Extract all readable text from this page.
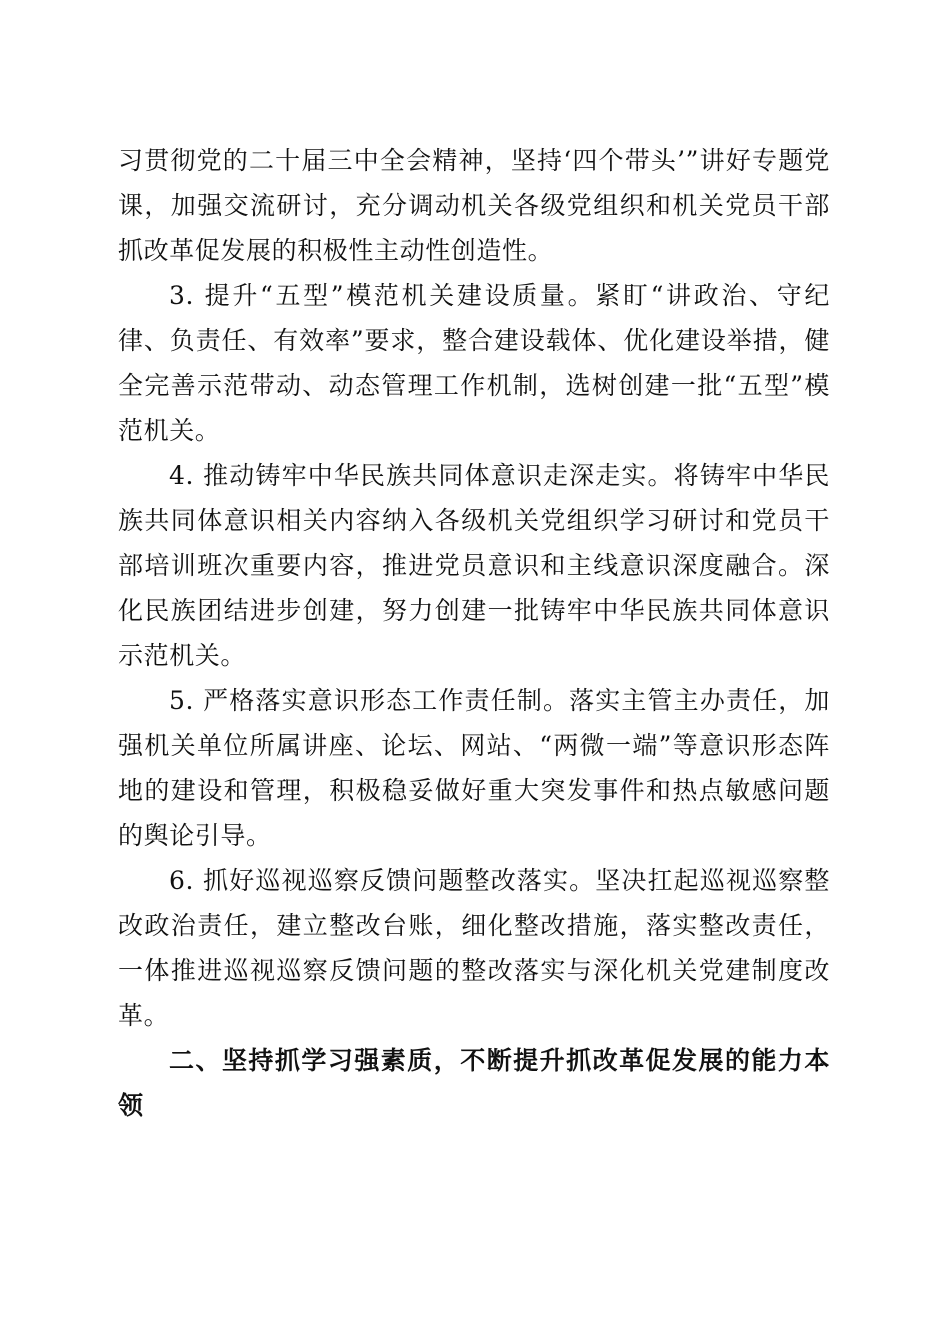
习贯彻党的二十届三中全会精神，坚持‘四个带头’”讲好专题党课，加强交流研讨，充分调动机关各级党组织和机关党员干部抓改革促发展的积极性主动性创造性。

3. 提升“五型”模范机关建设质量。紧盯“讲政治、守纪律、负责任、有效率”要求，整合建设载体、优化建设举措，健全完善示范带动、动态管理工作机制，选树创建一批“五型”模范机关。

4. 推动铸牢中华民族共同体意识走深走实。将铸牢中华民族共同体意识相关内容纳入各级机关党组织学习研讨和党员干部培训班次重要内容，推进党员意识和主线意识深度融合。深化民族团结进步创建，努力创建一批铸牢中华民族共同体意识示范机关。

5. 严格落实意识形态工作责任制。落实主管主办责任，加强机关单位所属讲座、论坛、网站、“两微一端”等意识形态阵地的建设和管理，积极稳妥做好重大突发事件和热点敏感问题的舆论引导。

6. 抓好巡视巡察反馈问题整改落实。坚决扛起巡视巡察整改政治责任，建立整改台账，细化整改措施，落实整改责任，一体推进巡视巡察反馈问题的整改落实与深化机关党建制度改革。

二、坚持抓学习强素质，不断提升抓改革促发展的能力本领
